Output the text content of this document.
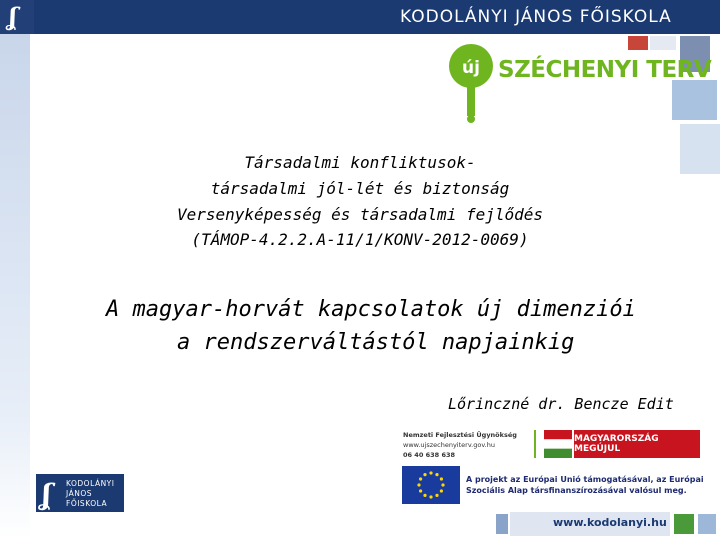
ʆ	KODOLÁNYI JÁNOS FŐISKOLA
új SZÉCHENYI TERV
Társadalmi konfliktusok-
társadalmi jól-lét és biztonság
Versenyképesség és társadalmi fejlődés
(TÁMOP-4.2.2.A-11/1/KONV-2012-0069)
A magyar-horvát kapcsolatok új dimenziói
a rendszerváltástól napjainkig
Lőrinczné dr. Bencze Edit
Nemzeti Fejlesztési Ügynökség
www.ujszechenyiterv.gov.hu
06 40 638 638
MAGYARORSZÁG MEGÚJUL
A projekt az Európai Unió támogatásával, az Európai
Szociális Alap társfinanszírozásával valósul meg.
ʆ KODOLÁNYI
JÁNOS
FŐISKOLA
www.kodolanyi.hu
